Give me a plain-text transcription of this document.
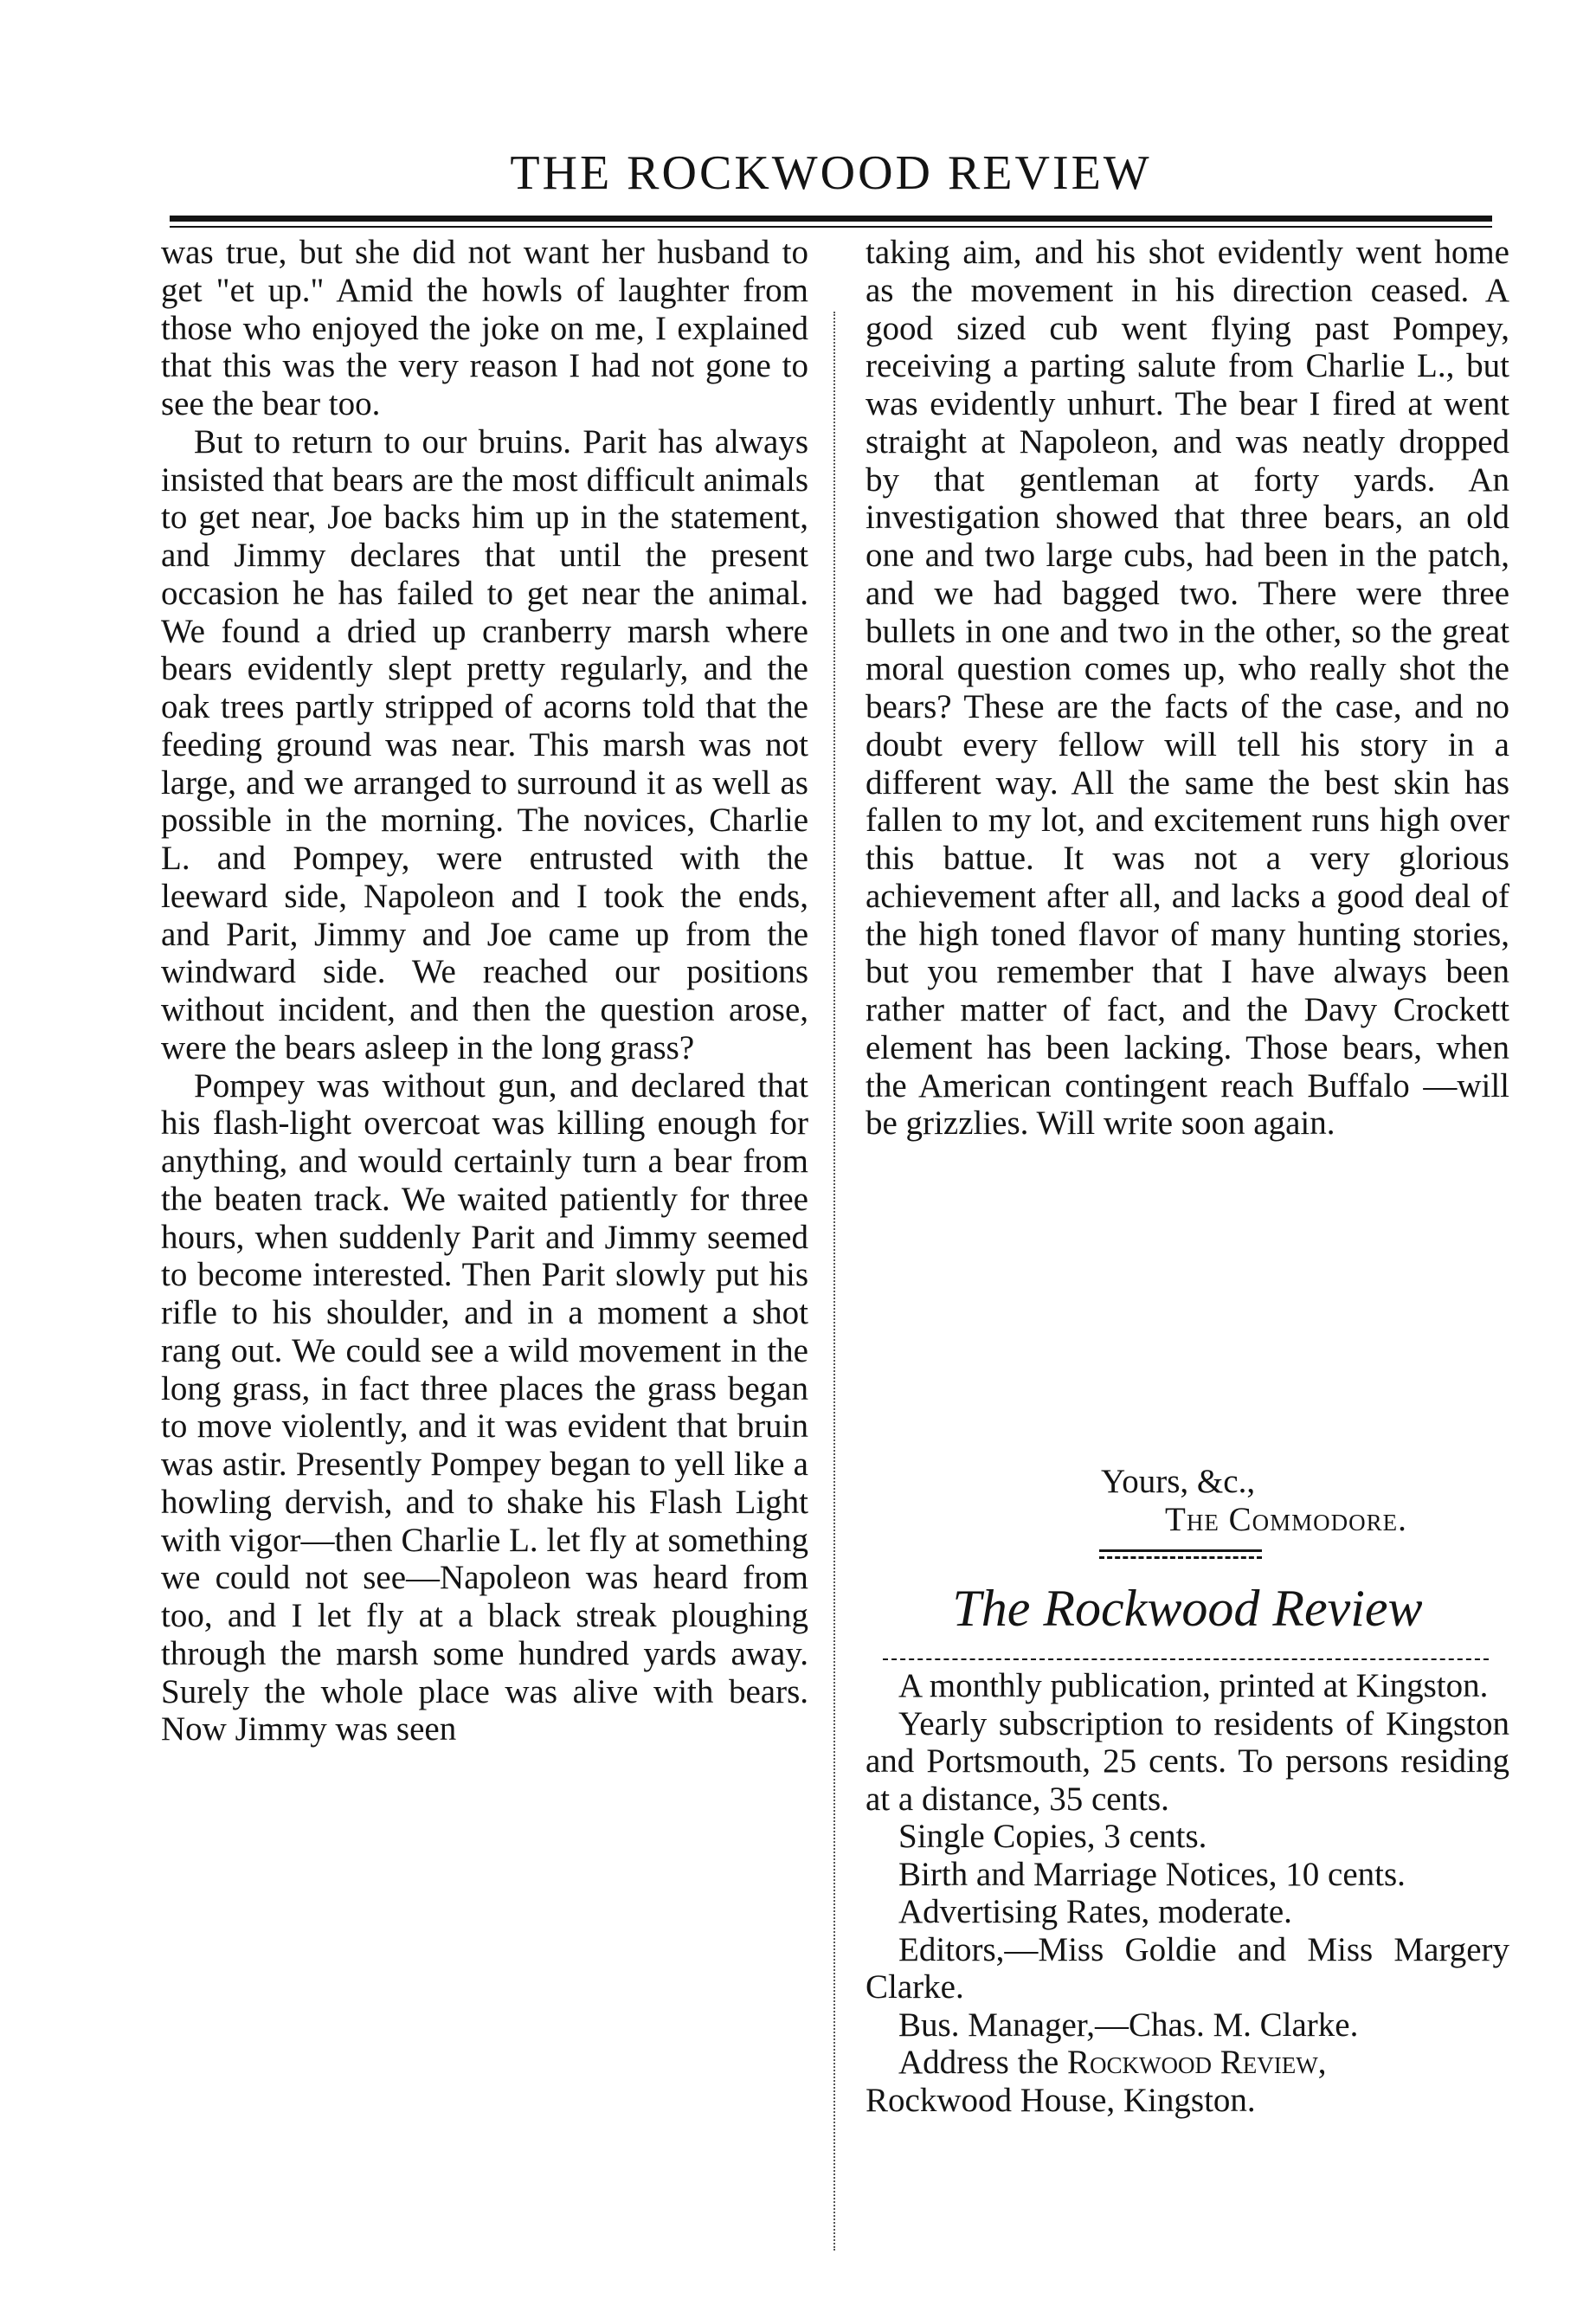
THE ROCKWOOD REVIEW

was true, but she did not want her husband to get "et up." Amid the howls of laughter from those who enjoyed the joke on me, I explained that this was the very reason I had not gone to see the bear too.

But to return to our bruins. Parit has always insisted that bears are the most difficult animals to get near, Joe backs him up in the statement, and Jimmy declares that until the present occasion he has failed to get near the animal. We found a dried up cranberry marsh where bears evidently slept pretty regularly, and the oak trees partly stripped of acorns told that the feeding ground was near. This marsh was not large, and we arranged to surround it as well as possible in the morning. The novices, Charlie L. and Pompey, were entrusted with the leeward side, Napoleon and I took the ends, and Parit, Jimmy and Joe came up from the windward side. We reached our positions without incident, and then the question arose, were the bears asleep in the long grass?

Pompey was without gun, and declared that his flash-light overcoat was killing enough for anything, and would certainly turn a bear from the beaten track. We waited patiently for three hours, when suddenly Parit and Jimmy seemed to become interested. Then Parit slowly put his rifle to his shoulder, and in a moment a shot rang out. We could see a wild movement in the long grass, in fact three places the grass began to move violently, and it was evident that bruin was astir. Presently Pompey began to yell like a howling dervish, and to shake his Flash Light with vigor—then Charlie L. let fly at something we could not see—Napoleon was heard from too, and I let fly at a black streak ploughing through the marsh some hundred yards away. Surely the whole place was alive with bears. Now Jimmy was seen

taking aim, and his shot evidently went home as the movement in his direction ceased. A good sized cub went flying past Pompey, receiving a parting salute from Charlie L., but was evidently unhurt. The bear I fired at went straight at Napoleon, and was neatly dropped by that gentleman at forty yards. An investigation showed that three bears, an old one and two large cubs, had been in the patch, and we had bagged two. There were three bullets in one and two in the other, so the great moral question comes up, who really shot the bears? These are the facts of the case, and no doubt every fellow will tell his story in a different way. All the same the best skin has fallen to my lot, and excitement runs high over this battue. It was not a very glorious achievement after all, and lacks a good deal of the high toned flavor of many hunting stories, but you remember that I have always been rather matter of fact, and the Davy Crockett element has been lacking. Those bears, when the American contingent reach Buffalo —will be grizzlies. Will write soon again.

Yours, &c.,
The Commodore.
The Rockwood Review

A monthly publication, printed at Kingston.

Yearly subscription to residents of Kingston and Portsmouth, 25 cents. To persons residing at a distance, 35 cents.

Single Copies, 3 cents.

Birth and Marriage Notices, 10 cents.

Advertising Rates, moderate.

Editors,—Miss Goldie and Miss Margery Clarke.

Bus. Manager,—Chas. M. Clarke.

Address the Rockwood Review,

Rockwood House, Kingston.
